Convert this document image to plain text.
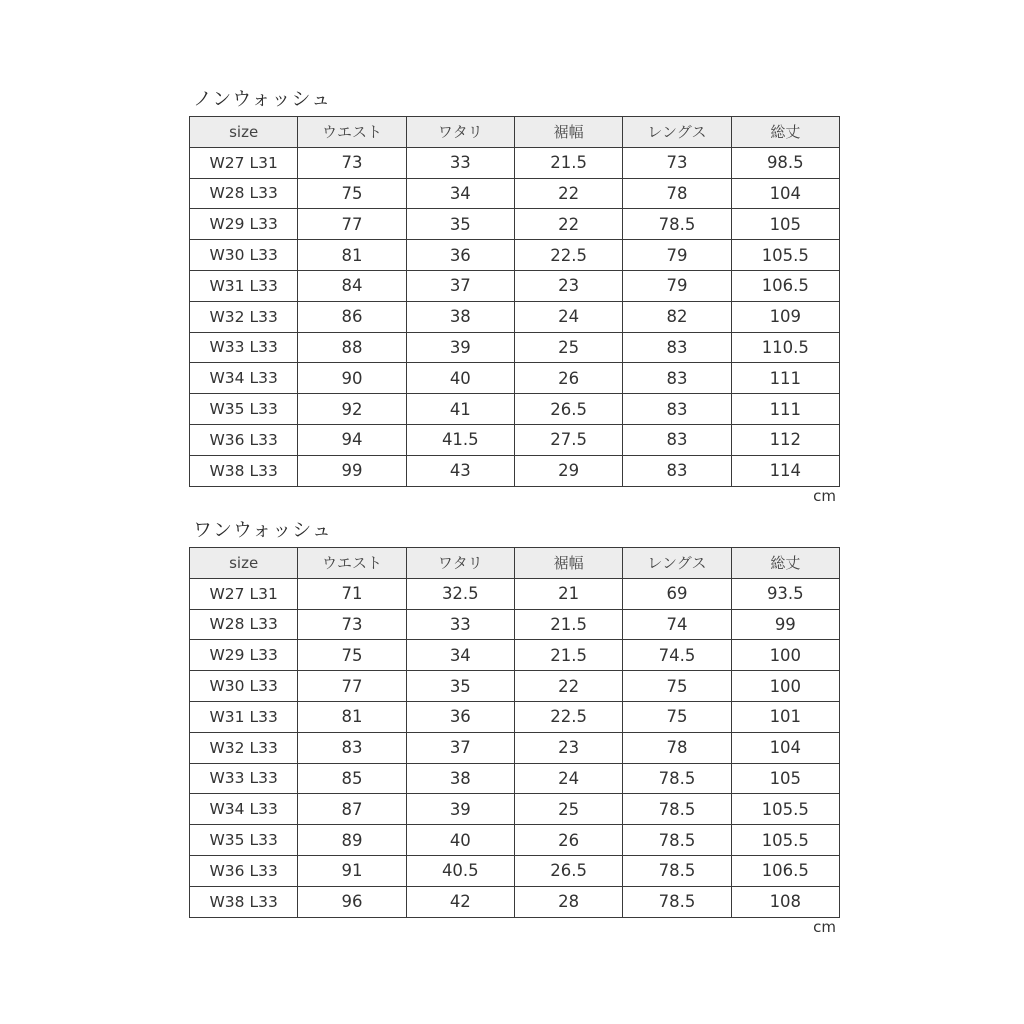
ノンウォッシュ
size	ウエスト	ワタリ	裾幅	レングス	総丈
W27 L31	73	33	21.5	73	98.5
W28 L33	75	34	22	78	104
W29 L33	77	35	22	78.5	105
W30 L33	81	36	22.5	79	105.5
W31 L33	84	37	23	79	106.5
W32 L33	86	38	24	82	109
W33 L33	88	39	25	83	110.5
W34 L33	90	40	26	83	111
W35 L33	92	41	26.5	83	111
W36 L33	94	41.5	27.5	83	112
W38 L33	99	43	29	83	114
cm
ワンウォッシュ
size	ウエスト	ワタリ	裾幅	レングス	総丈
W27 L31	71	32.5	21	69	93.5
W28 L33	73	33	21.5	74	99
W29 L33	75	34	21.5	74.5	100
W30 L33	77	35	22	75	100
W31 L33	81	36	22.5	75	101
W32 L33	83	37	23	78	104
W33 L33	85	38	24	78.5	105
W34 L33	87	39	25	78.5	105.5
W35 L33	89	40	26	78.5	105.5
W36 L33	91	40.5	26.5	78.5	106.5
W38 L33	96	42	28	78.5	108
cm
